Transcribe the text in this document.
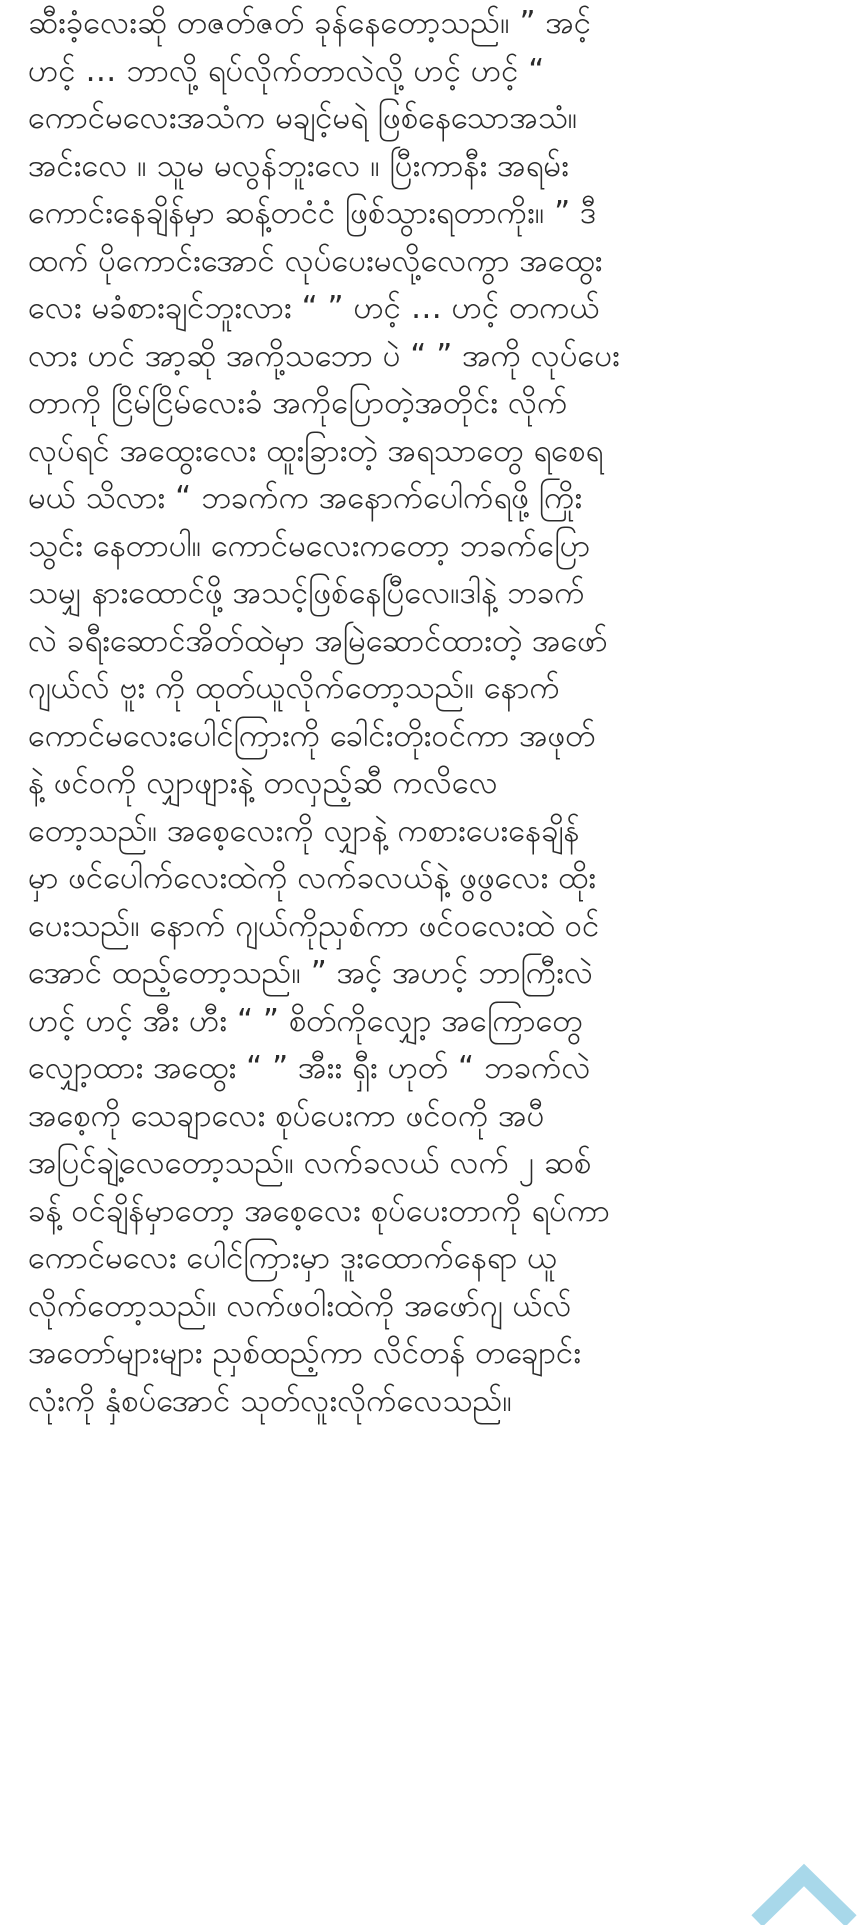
ဆီးခံ့လေးဆို တဇတ်ဇတ် ခုန်နေတော့သည်။ ” အင့်
ဟင့် … ဘာလို့ ရပ်လိုက်တာလဲလို့ ဟင့် ဟင့် “
ကောင်မလေးအသံက မချင့်မရဲ ဖြစ်နေသောအသံ။
အင်းလေ ။ သူမ မလွန်ဘူးလေ ။ ပြီးကာနီး အရမ်း
ကောင်းနေချိန်မှာ ဆန့်တငံငံ ဖြစ်သွားရတာကိုး။ ” ဒီ
ထက် ပိုကောင်းအောင် လုပ်ပေးမလို့လေကွာ အထွေး
လေး မခံစားချင်ဘူးလား “ ” ဟင့် … ဟင့် တကယ်
လား ဟင် အာ့ဆို အကို့သဘော ပဲ “ ” အကို လုပ်ပေး
တာကို ငြိမ်ငြိမ်လေးခံ အကိုပြောတဲ့အတိုင်း လိုက်
လုပ်ရင် အထွေးလေး ထူးခြားတဲ့ အရသာတွေ ရစေရ
မယ် သိလား “ ဘခက်က အနောက်ပေါက်ရဖို့ ကြိုး
သွင်း နေတာပါ။ ကောင်မလေးကတော့ ဘခက်ပြော
သမျှ နားထောင်ဖို့ အသင့်ဖြစ်နေပြီလေ။ဒါနဲ့ ဘခက်
လဲ ခရီးဆောင်အိတ်ထဲမှာ အမြဲဆောင်ထားတဲ့ အဖော်
ဂျယ်လ် ဗူး ကို ထုတ်ယူလိုက်တော့သည်။ နောက်
ကောင်မလေးပေါင်ကြားကို ခေါင်းတိုးဝင်ကာ အဖုတ်
နဲ့ ဖင်ဝကို လျှာဖျားနဲ့ တလှည့်ဆီ ကလိလေ
တော့သည်။ အစေ့လေးကို လျှာနဲ့ ကစားပေးနေချိန်
မှာ ဖင်ပေါက်လေးထဲကို လက်ခလယ်နဲ့ ဖွဖွလေး ထိုး
ပေးသည်။ နောက် ဂျယ်ကိုညှစ်ကာ ဖင်ဝလေးထဲ ဝင်
အောင် ထည့်တော့သည်။ ” အင့် အဟင့် ဘာကြီးလဲ
ဟင့် ဟင့် အီး ဟီး “ ” စိတ်ကိုလျှော့ အကြောတွေ
လျှော့ထား အထွေး “ ” အီးး ရှီး ဟုတ် “ ဘခက်လဲ
အစေ့ကို သေချာလေး စုပ်ပေးကာ ဖင်ဝကို အပီ
အပြင်ချဲ့လေတော့သည်။ လက်ခလယ် လက် ၂ ဆစ်
ခန့် ဝင်ချိန်မှာတော့ အစေ့လေး စုပ်ပေးတာကို ရပ်ကာ
ကောင်မလေး ပေါင်ကြားမှာ ဒူးထောက်နေရာ ယူ
လိုက်တော့သည်။ လက်ဖဝါးထဲကို အဖော်ဂျ ယ်လ်
အတော်များများ ညှစ်ထည့်ကာ လိင်တန် တချောင်း
လုံးကို နှံစပ်အောင် သုတ်လူးလိုက်လေသည်။
